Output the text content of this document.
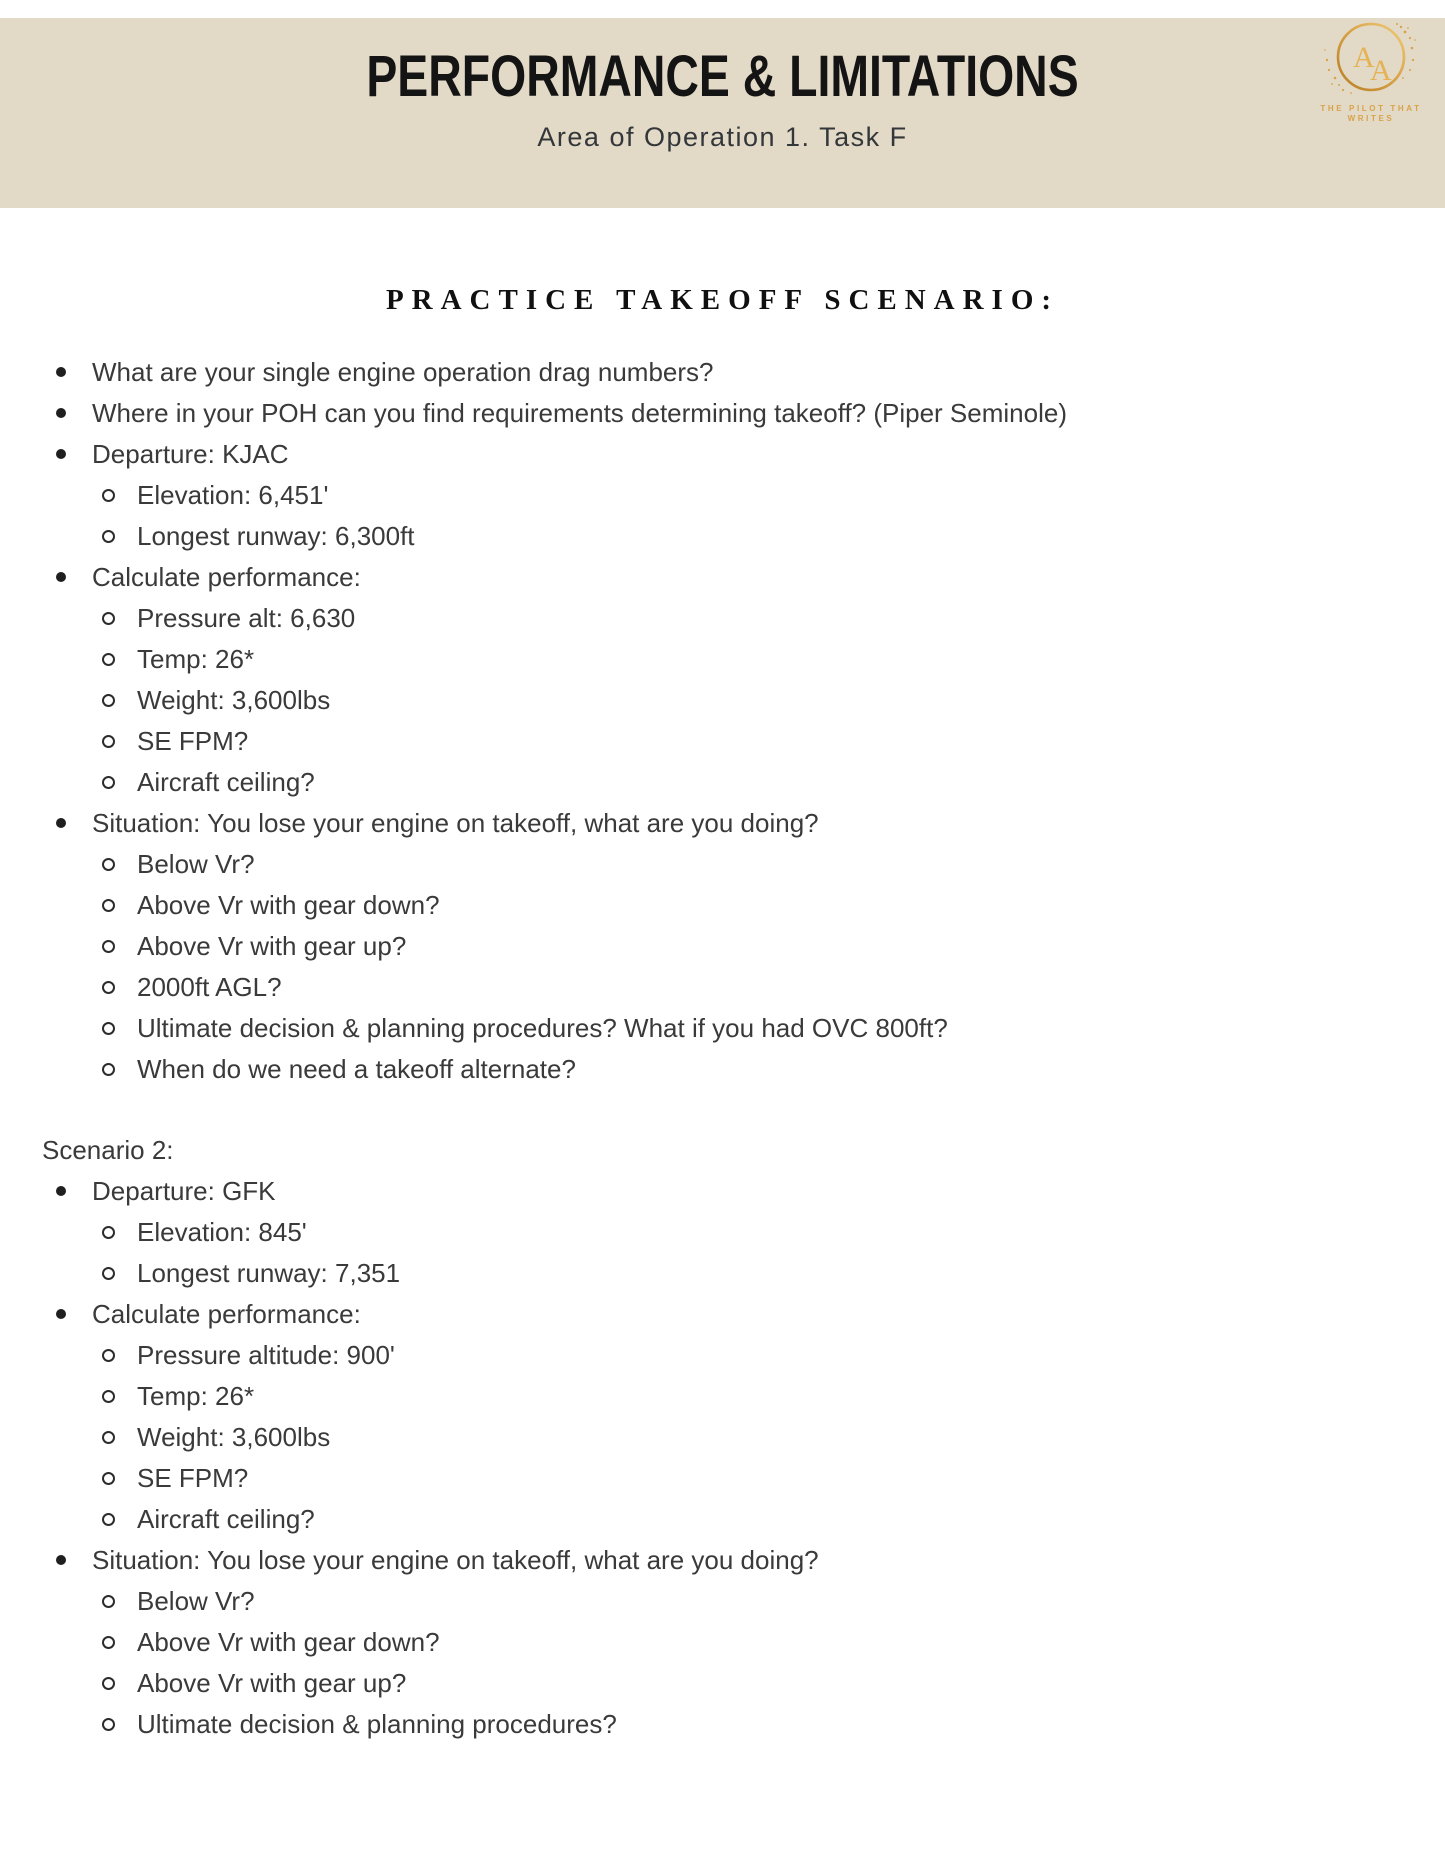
PERFORMANCE & LIMITATIONS
Area of Operation 1. Task F
A
A
THE PILOT THAT
WRITES
PRACTICE TAKEOFF SCENARIO:
What are your single engine operation drag numbers?
Where in your POH can you find requirements determining takeoff? (Piper Seminole)
Departure: KJAC
Elevation: 6,451'
Longest runway: 6,300ft
Calculate performance:
Pressure alt: 6,630
Temp: 26*
Weight: 3,600lbs
SE FPM?
Aircraft ceiling?
Situation: You lose your engine on takeoff, what are you doing?
Below Vr?
Above Vr with gear down?
Above Vr with gear up?
2000ft AGL?
Ultimate decision & planning procedures? What if you had OVC 800ft?
When do we need a takeoff alternate?

Scenario 2:

Departure: GFK
Elevation: 845'
Longest runway: 7,351
Calculate performance:
Pressure altitude: 900'
Temp: 26*
Weight: 3,600lbs
SE FPM?
Aircraft ceiling?
Situation: You lose your engine on takeoff, what are you doing?
Below Vr?
Above Vr with gear down?
Above Vr with gear up?
Ultimate decision & planning procedures?
